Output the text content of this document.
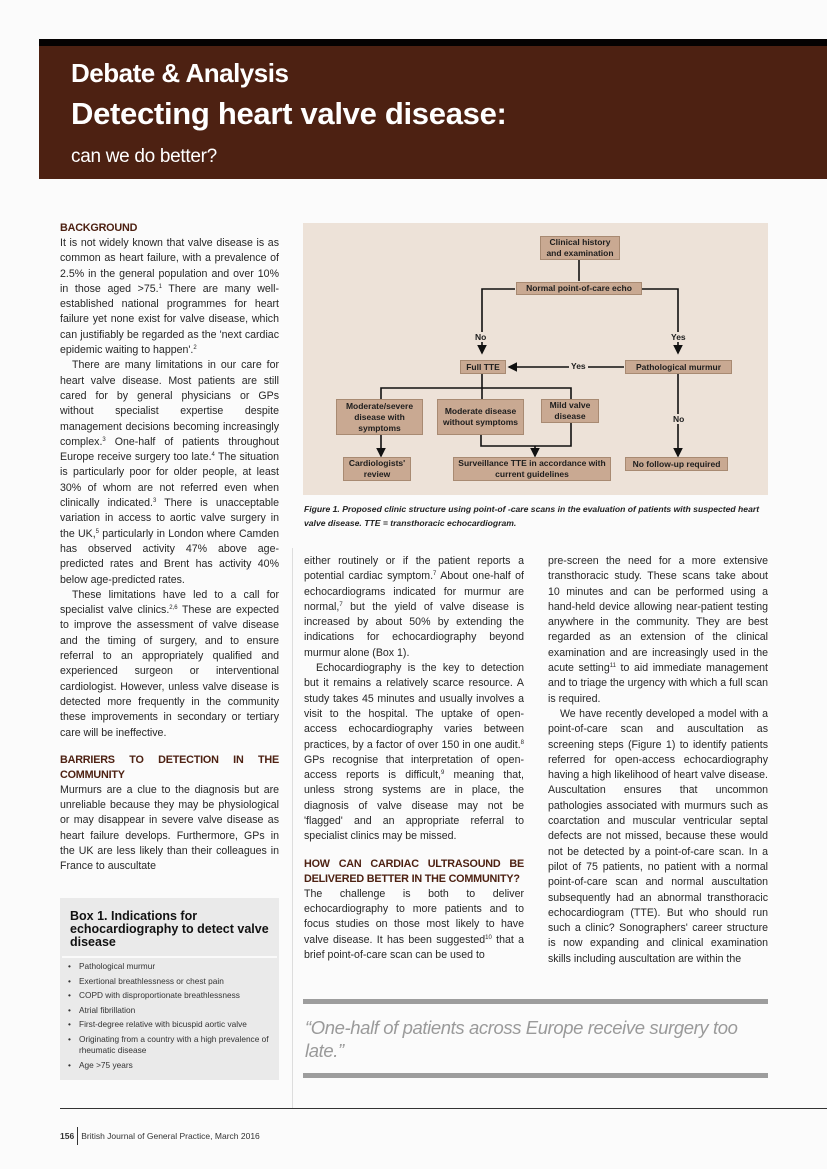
Debate & Analysis
Detecting heart valve disease:
can we do better?
BACKGROUND

It is not widely known that valve disease is as common as heart failure, with a prevalence of 2.5% in the general population and over 10% in those aged >75.$^1$ There are many well-established national programmes for heart failure yet none exist for valve disease, which can justifiably be regarded as the 'next cardiac epidemic waiting to happen'.$^2$

There are many limitations in our care for heart valve disease. Most patients are still cared for by general physicians or GPs without specialist expertise despite management decisions becoming increasingly complex.$^3$ One-half of patients throughout Europe receive surgery too late.$^4$ The situation is particularly poor for older people, at least 30% of whom are not referred even when clinically indicated.$^3$ There is unacceptable variation in access to aortic valve surgery in the UK,$^5$ particularly in London where Camden has observed activity 47% above age-predicted rates and Brent has activity 40% below age-predicted rates.

These limitations have led to a call for specialist valve clinics.$^{2,6}$ These are expected to improve the assessment of valve disease and the timing of surgery, and to ensure referral to an appropriately qualified and experienced surgeon or interventional cardiologist. However, unless valve disease is detected more frequently in the community these improvements in secondary or tertiary care will be ineffective.

BARRIERS TO DETECTION IN THE COMMUNITY

Murmurs are a clue to the diagnosis but are unreliable because they may be physiological or may disappear in severe valve disease as heart failure develops. Furthermore, GPs in the UK are less likely than their colleagues in France to auscultate

Box 1. Indications for echocardiography to detect valve disease
• Pathological murmur
• Exertional breathlessness or chest pain
• COPD with disproportionate breathlessness
• Atrial fibrillation
• First-degree relative with bicuspid aortic valve
• Originating from a country with a high prevalence of rheumatic disease
• Age >75 years
Clinical history and examination
Normal point-of-care echo
Full TTE	Pathological murmur
Moderate/severe disease with symptoms
Moderate disease without symptoms
Mild valve disease
Cardiologists' review
Surveillance TTE in accordance with current guidelines
No follow-up required
No	Yes
Yes
No
Figure 1. Proposed clinic structure using point-of -care scans in the evaluation of patients with suspected heart valve disease. TTE = transthoracic echocardiogram.

either routinely or if the patient reports a potential cardiac symptom.$^7$ About one-half of echocardiograms indicated for murmur are normal,$^7$ but the yield of valve disease is increased by about 50% by extending the indications for echocardiography beyond murmur alone (Box 1).

Echocardiography is the key to detection but it remains a relatively scarce resource. A study takes 45 minutes and usually involves a visit to the hospital. The uptake of open-access echocardiography varies between practices, by a factor of over 150 in one audit.$^8$ GPs recognise that interpretation of open-access reports is difficult,$^9$ meaning that, unless strong systems are in place, the diagnosis of valve disease may not be 'flagged' and an appropriate referral to specialist clinics may be missed.

HOW CAN CARDIAC ULTRASOUND BE DELIVERED BETTER IN THE COMMUNITY?

The challenge is both to deliver echocardiography to more patients and to focus studies on those most likely to have valve disease. It has been suggested$^{10}$ that a brief point-of-care scan can be used to

pre-screen the need for a more extensive transthoracic study. These scans take about 10 minutes and can be performed using a hand-held device allowing near-patient testing anywhere in the community. They are best regarded as an extension of the clinical examination and are increasingly used in the acute setting$^{11}$ to aid immediate management and to triage the urgency with which a full scan is required.

We have recently developed a model with a point-of-care scan and auscultation as screening steps (Figure 1) to identify patients referred for open-access echocardiography having a high likelihood of heart valve disease. Auscultation ensures that uncommon pathologies associated with murmurs such as coarctation and muscular ventricular septal defects are not missed, because these would not be detected by a point-of-care scan. In a pilot of 75 patients, no patient with a normal point-of-care scan and normal auscultation subsequently had an abnormal transthoracic echocardiogram (TTE). But who should run such a clinic? Sonographers' career structure is now expanding and clinical examination skills including auscultation are within the

“One-half of patients across Europe receive surgery too late.”
156 British Journal of General Practice, March 2016
